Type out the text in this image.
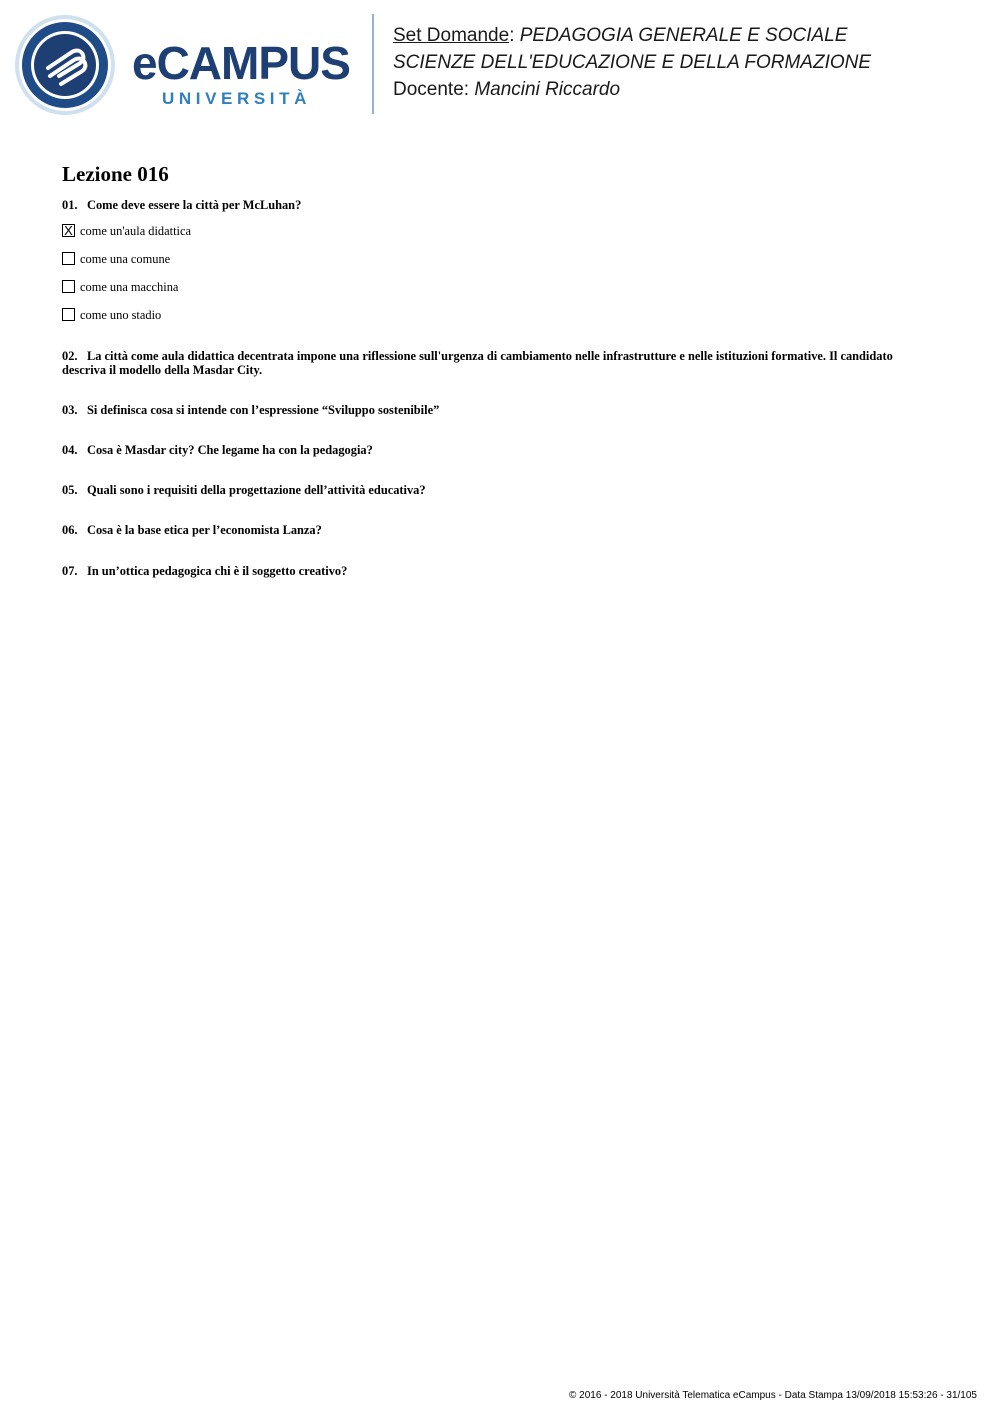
eCAMPUS
UNIVERSITÀ
Set Domande: PEDAGOGIA GENERALE E SOCIALE
SCIENZE DELL'EDUCAZIONE E DELLA FORMAZIONE
Docente: Mancini Riccardo
Lezione 016
01. Come deve essere la città per McLuhan?
X come un'aula didattica
come una comune
come una macchina
come uno stadio
02. La città come aula didattica decentrata impone una riflessione sull'urgenza di cambiamento nelle infrastrutture e nelle istituzioni formative. Il candidato descriva il modello della Masdar City.
03. Si definisca cosa si intende con l’espressione “Sviluppo sostenibile”
04. Cosa è Masdar city? Che legame ha con la pedagogia?
05. Quali sono i requisiti della progettazione dell’attività educativa?
06. Cosa è la base etica per l’economista Lanza?
07. In un’ottica pedagogica chi è il soggetto creativo?
© 2016 - 2018 Università Telematica eCampus - Data Stampa 13/09/2018 15:53:26 - 31/105
